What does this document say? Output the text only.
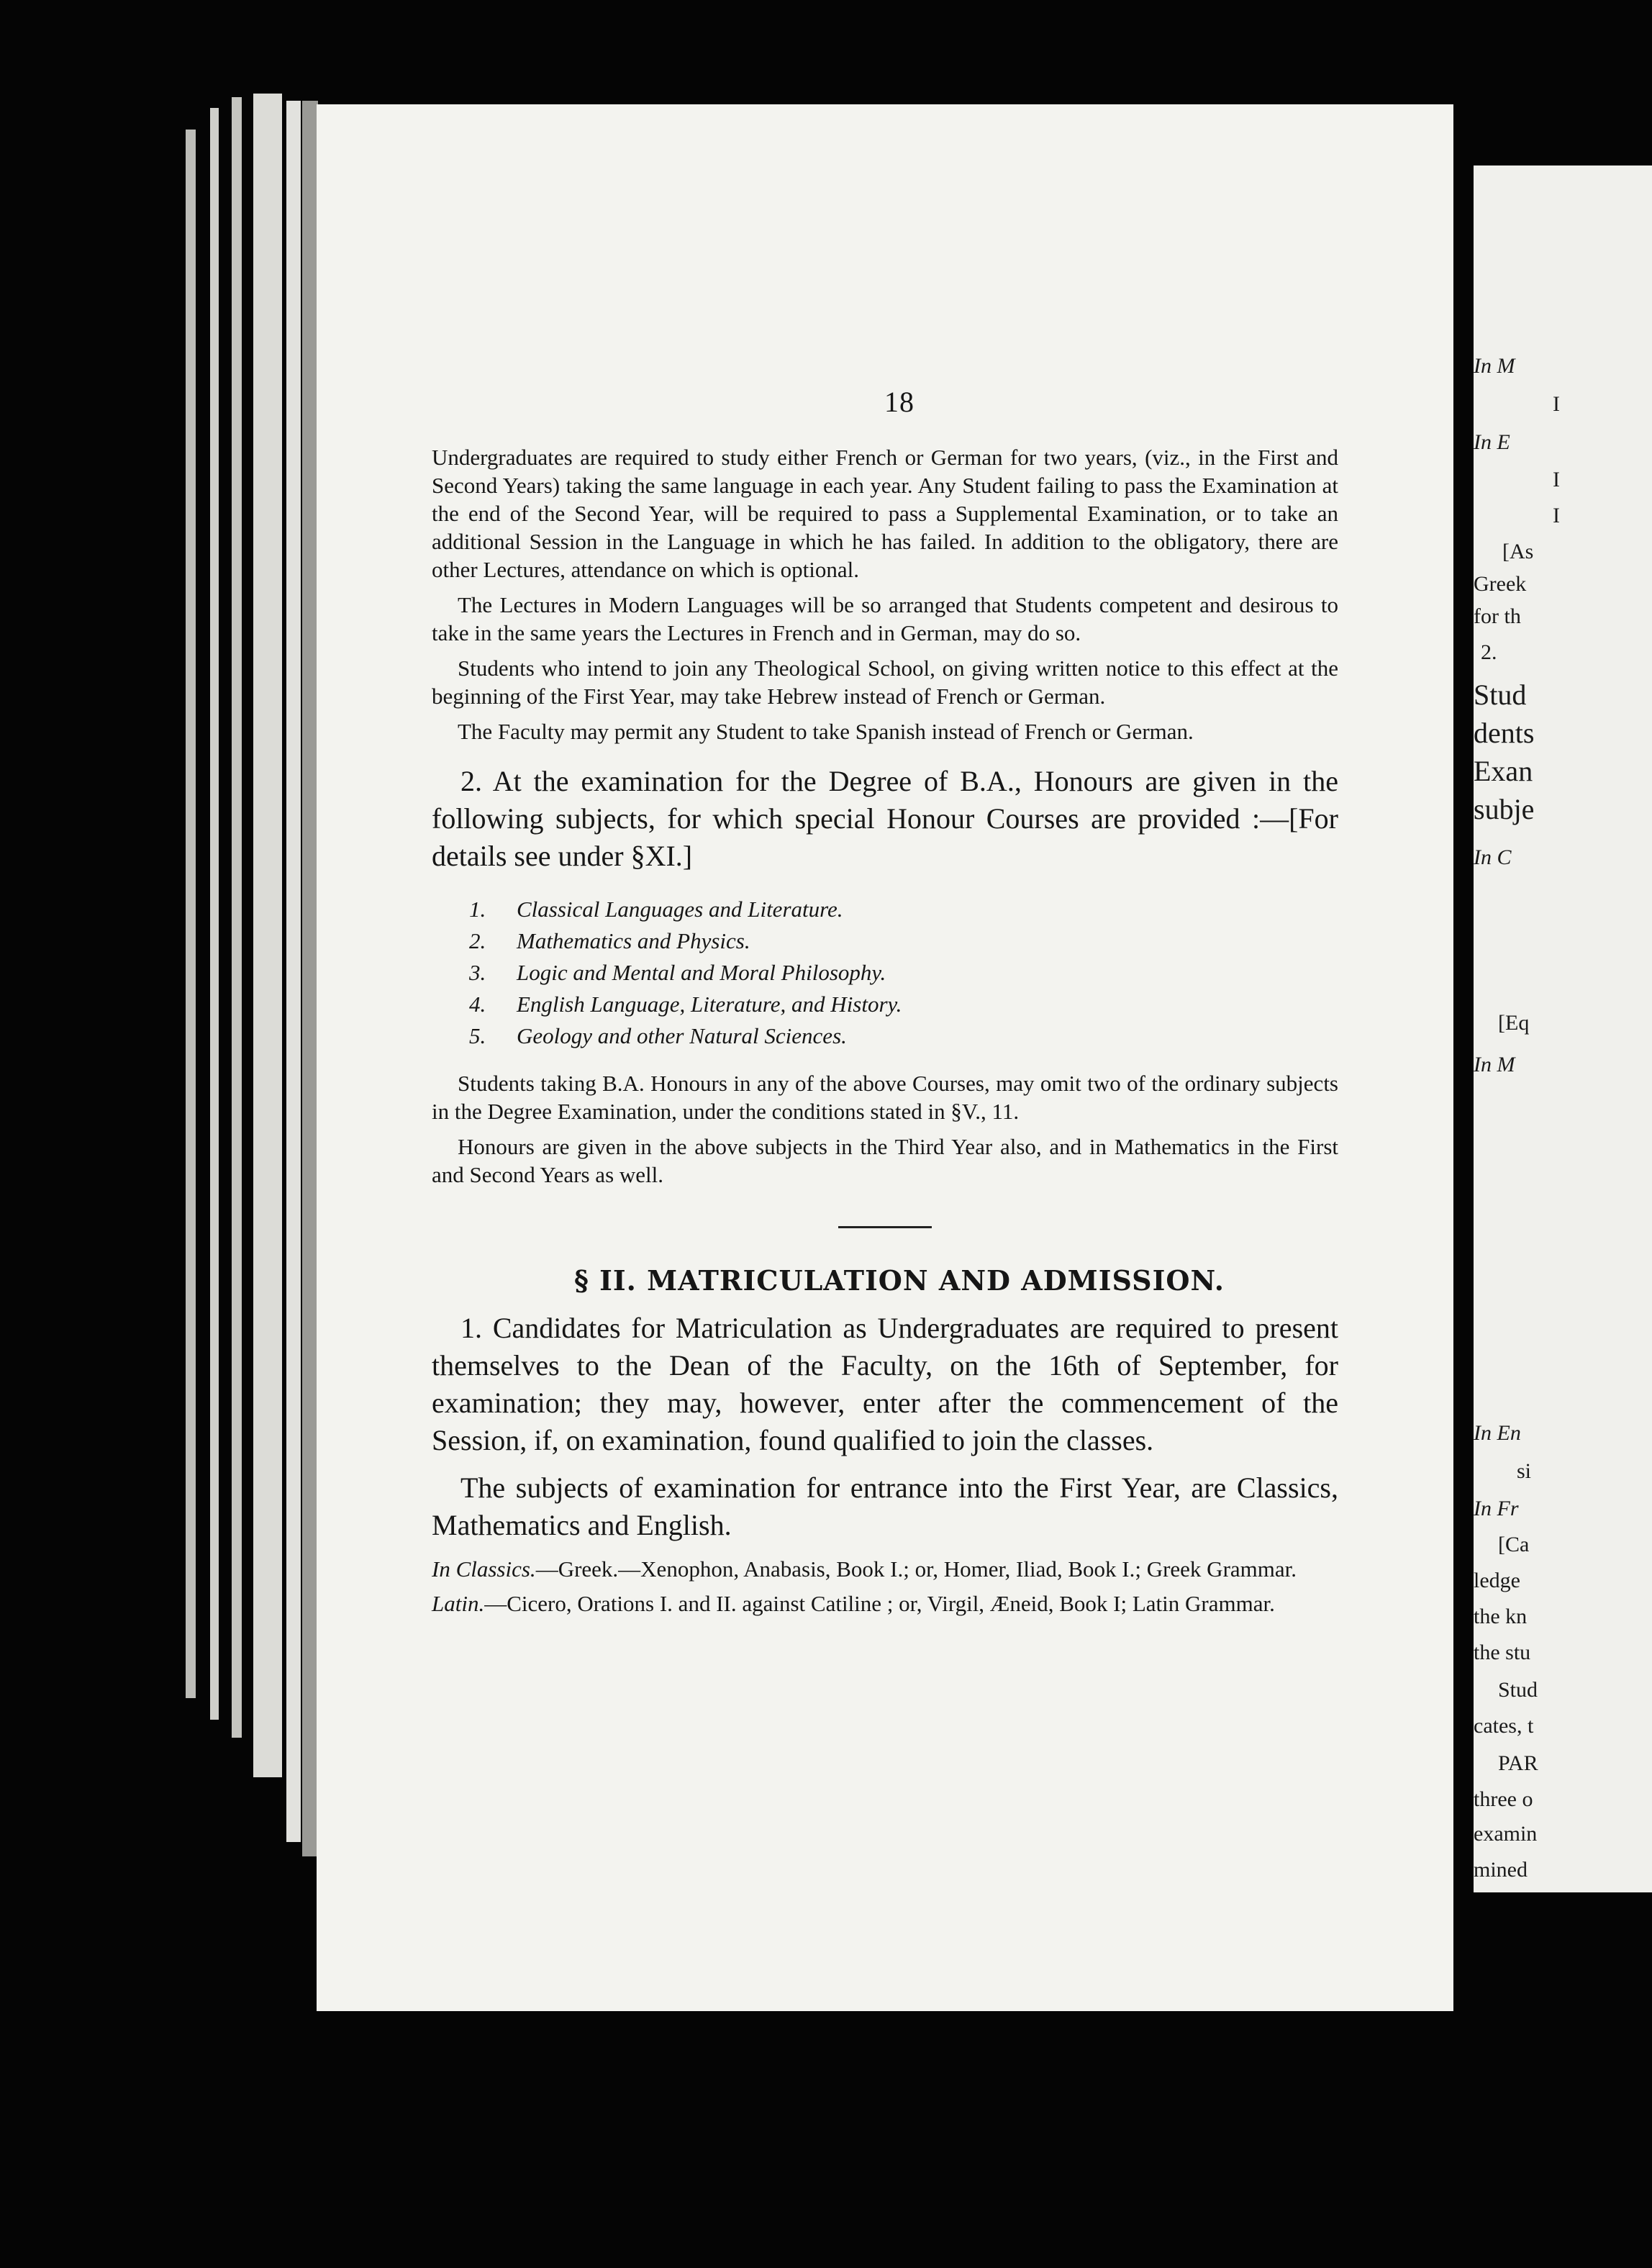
18

Undergraduates are required to study either French or German for two years, (viz., in the First and Second Years) taking the same language in each year. Any Student failing to pass the Examination at the end of the Second Year, will be required to pass a Supplemental Examination, or to take an additional Session in the Language in which he has failed. In addition to the obligatory, there are other Lectures, attendance on which is optional.

The Lectures in Modern Languages will be so arranged that Students competent and desirous to take in the same years the Lectures in French and in German, may do so.

Students who intend to join any Theological School, on giving written notice to this effect at the beginning of the First Year, may take Hebrew instead of French or German.

The Faculty may permit any Student to take Spanish instead of French or German.

2. At the examination for the Degree of B.A., Honours are given in the following subjects, for which special Honour Courses are provided :—[For details see under §XI.]

1. Classical Languages and Literature.
2. Mathematics and Physics.
3. Logic and Mental and Moral Philosophy.
4. English Language, Literature, and History.
5. Geology and other Natural Sciences.

Students taking B.A. Honours in any of the above Courses, may omit two of the ordinary subjects in the Degree Examination, under the conditions stated in §V., 11.

Honours are given in the above subjects in the Third Year also, and in Mathematics in the First and Second Years as well.

§ II. MATRICULATION AND ADMISSION.

1. Candidates for Matriculation as Undergraduates are required to present themselves to the Dean of the Faculty, on the 16th of September, for examination; they may, however, enter after the commencement of the Session, if, on examination, found qualified to join the classes.

The subjects of examination for entrance into the First Year, are Classics, Mathematics and English.

In Classics.—Greek.—Xenophon, Anabasis, Book I.; or, Homer, Iliad, Book I.; Greek Grammar.

Latin.—Cicero, Orations I. and II. against Catiline ; or, Virgil, Æneid, Book I; Latin Grammar.

In M
I
In E
I
I
[As
Greek
for th
2.
Stud
dents
Exan
subje
In C
[Eq
In M
In En
si
In Fr
[Ca
ledge
the kn
the stu
Stud
cates, t
PAR
three o
examin
mined
